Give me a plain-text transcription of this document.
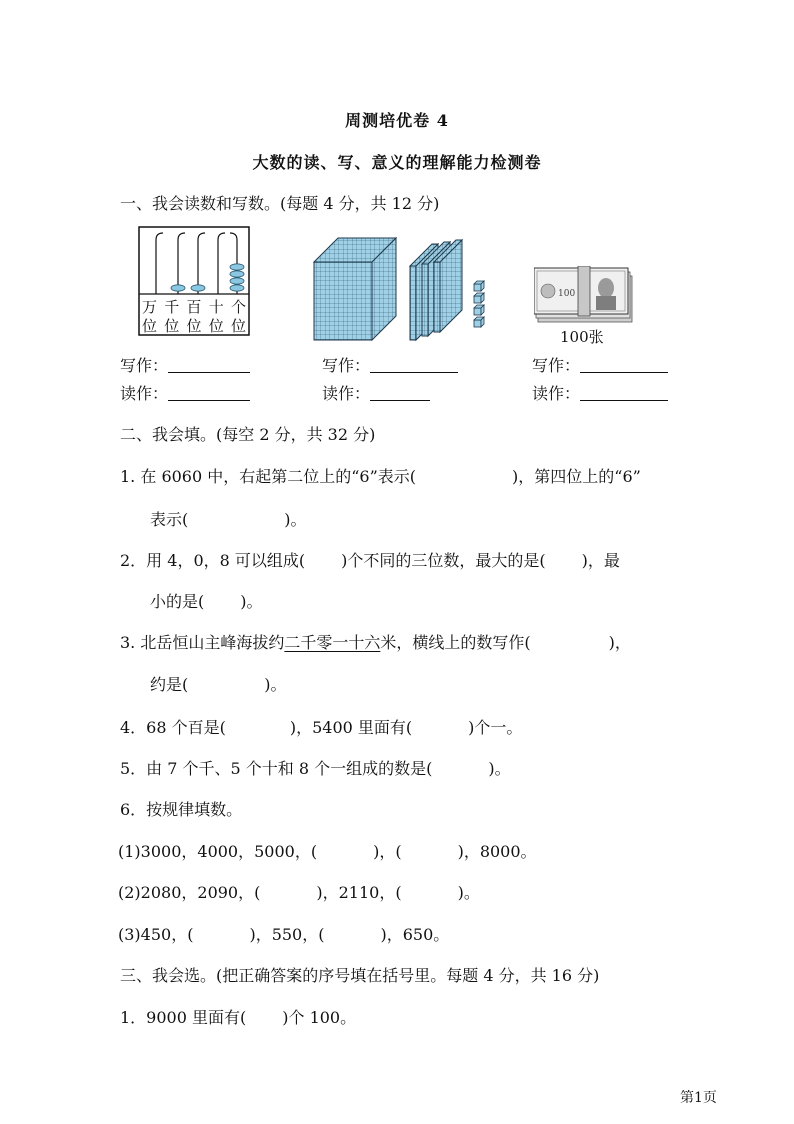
周测培优卷 4
大数的读、写、意义的理解能力检测卷
一、我会读数和写数。(每题 4 分，共 12 分)
万 千 百 十 个
位 位 位 位 位
100
100张
写作：
读作：
写作：
读作：
写作：
读作：
二、我会填。(每空 2 分，共 32 分)
1. 在 6060 中，右起第二位上的“6”表示(	)，第四位上的“6”
表示(	)。
2．用 4，0，8 可以组成( )个不同的三位数，最大的是( )，最
小的是( )。
3. 北岳恒山主峰海拔约二千零一十六米，横线上的数写作(	)，
约是(	)。
4．68 个百是(	)，5400 里面有(	)个一。
5．由 7 个千、5 个十和 8 个一组成的数是(	)。
6．按规律填数。
(1)3000，4000，5000，(	)，(	)，8000。
(2)2080，2090，(	)，2110，(	)。
(3)450，(	)，550，(	)，650。
三、我会选。(把正确答案的序号填在括号里。每题 4 分，共 16 分)
1．9000 里面有( )个 100。
第1页
